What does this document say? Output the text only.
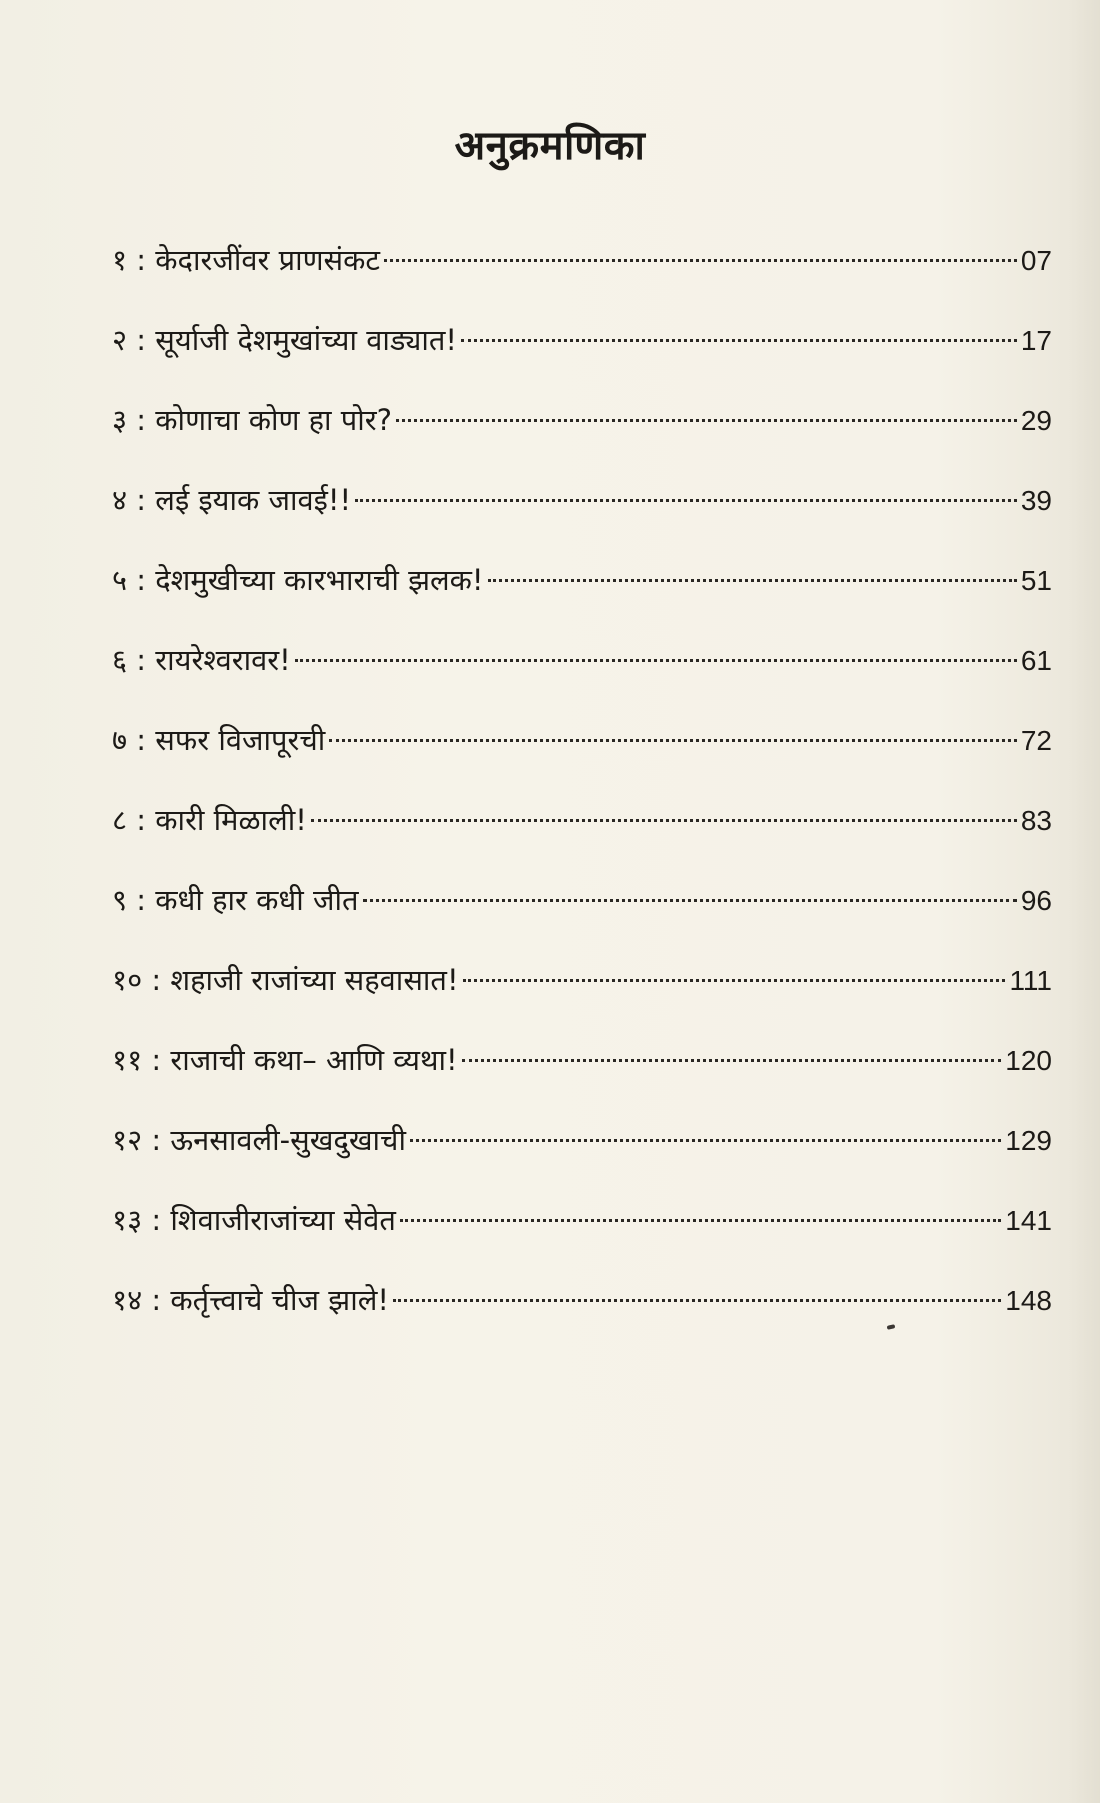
अनुक्रमणिका
१ : केदारजींवर प्राणसंकट	07
२ : सूर्याजी देशमुखांच्या वाड्यात!	17
३ : कोणाचा कोण हा पोर?	29
४ : लई इयाक जावई!!	39
५ : देशमुखीच्या कारभाराची झलक!	51
६ : रायरेश्वरावर!	61
७ : सफर विजापूरची	72
८ : कारी मिळाली!	83
९ : कधी हार कधी जीत	96
१० : शहाजी राजांच्या सहवासात!	111
११ : राजाची कथा– आणि व्यथा!	120
१२ : ऊनसावली-सुखदुखाची	129
१३ : शिवाजीराजांच्या सेवेत	141
१४ : कर्तृत्त्वाचे चीज झाले!	148
